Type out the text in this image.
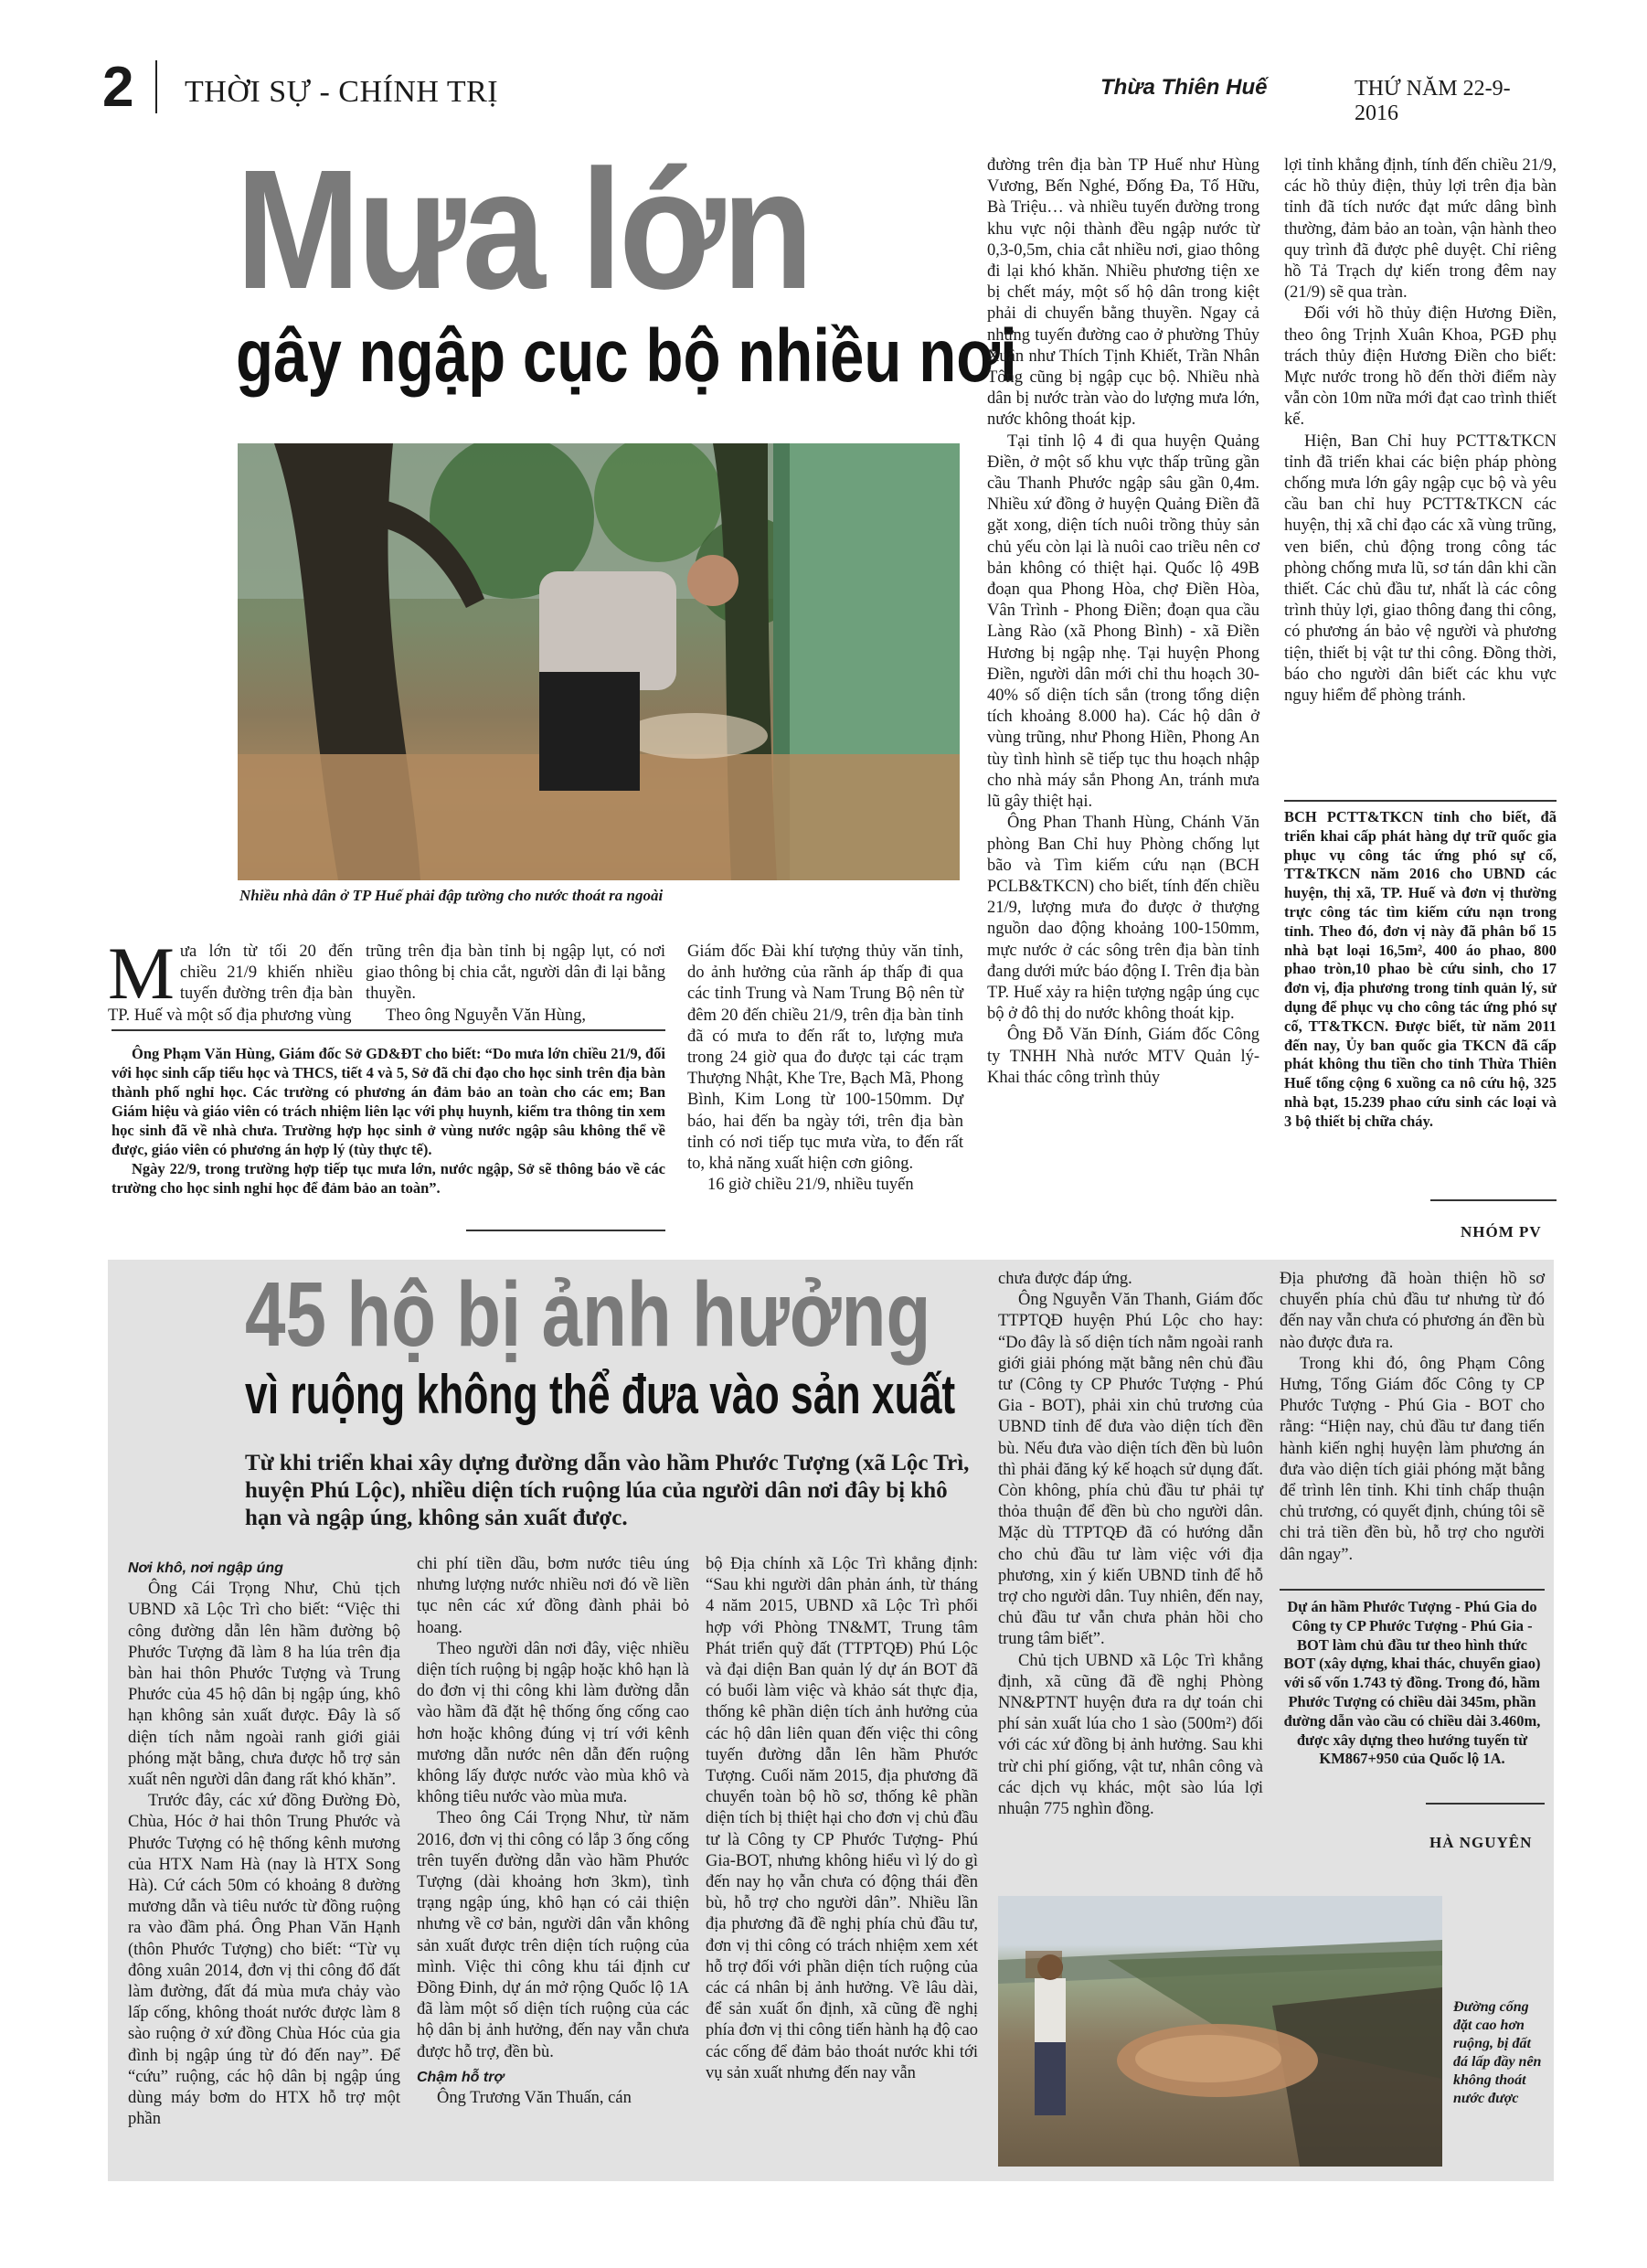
2 THỜI SỰ - CHÍNH TRỊ	Thừa Thiên Huế	THỨ NĂM 22-9-2016
Mưa lớn
gây ngập cục bộ nhiều nơi
Nhiều nhà dân ở TP Huế phải đập tường cho nước thoát ra ngoài
M ưa lớn từ tối 20 đến chiều 21/9 khiến nhiều tuyến đường trên địa bàn TP. Huế và một số địa phương vùng

trũng trên địa bàn tỉnh bị ngập lụt, có nơi giao thông bị chia cắt, người dân đi lại bằng thuyền.

Theo ông Nguyễn Văn Hùng,

Ông Phạm Văn Hùng, Giám đốc Sở GD&ĐT cho biết: “Do mưa lớn chiều 21/9, đối với học sinh cấp tiểu học và THCS, tiết 4 và 5, Sở đã chỉ đạo cho học sinh trên địa bàn thành phố nghỉ học. Các trường có phương án đảm bảo an toàn cho các em; Ban Giám hiệu và giáo viên có trách nhiệm liên lạc với phụ huynh, kiểm tra thông tin xem học sinh đã về nhà chưa. Trường hợp học sinh ở vùng nước ngập sâu không thể về được, giáo viên có phương án hợp lý (tùy thực tế).

Ngày 22/9, trong trường hợp tiếp tục mưa lớn, nước ngập, Sở sẽ thông báo về các trường cho học sinh nghỉ học để đảm bảo an toàn”.

Giám đốc Đài khí tượng thủy văn tỉnh, do ảnh hưởng của rãnh áp thấp đi qua các tỉnh Trung và Nam Trung Bộ nên từ đêm 20 đến chiều 21/9, trên địa bàn tỉnh đã có mưa to đến rất to, lượng mưa trong 24 giờ qua đo được tại các trạm Thượng Nhật, Khe Tre, Bạch Mã, Phong Bình, Kim Long từ 100-150mm. Dự báo, hai đến ba ngày tới, trên địa bàn tỉnh có nơi tiếp tục mưa vừa, to đến rất to, khả năng xuất hiện cơn giông.

16 giờ chiều 21/9, nhiều tuyến

đường trên địa bàn TP Huế như Hùng Vương, Bến Nghé, Đống Đa, Tố Hữu, Bà Triệu… và nhiều tuyến đường trong khu vực nội thành đều ngập nước từ 0,3-0,5m, chia cắt nhiều nơi, giao thông đi lại khó khăn. Nhiều phương tiện xe bị chết máy, một số hộ dân trong kiệt phải di chuyển bằng thuyền. Ngay cả những tuyến đường cao ở phường Thủy Xuân như Thích Tịnh Khiết, Trần Nhân Tông cũng bị ngập cục bộ. Nhiều nhà dân bị nước tràn vào do lượng mưa lớn, nước không thoát kịp.

Tại tỉnh lộ 4 đi qua huyện Quảng Điền, ở một số khu vực thấp trũng gần cầu Thanh Phước ngập sâu gần 0,4m. Nhiều xứ đồng ở huyện Quảng Điền đã gặt xong, diện tích nuôi trồng thủy sản chủ yếu còn lại là nuôi cao triều nên cơ bản không có thiệt hại. Quốc lộ 49B đoạn qua Phong Hòa, chợ Điền Hòa, Vân Trình - Phong Điền; đoạn qua cầu Làng Rào (xã Phong Bình) - xã Điền Hương bị ngập nhẹ. Tại huyện Phong Điền, người dân mới chỉ thu hoạch 30-40% số diện tích sắn (trong tổng diện tích khoảng 8.000 ha). Các hộ dân ở vùng trũng, như Phong Hiền, Phong An tùy tình hình sẽ tiếp tục thu hoạch nhập cho nhà máy sắn Phong An, tránh mưa lũ gây thiệt hại.

Ông Phan Thanh Hùng, Chánh Văn phòng Ban Chỉ huy Phòng chống lụt bão và Tìm kiếm cứu nạn (BCH PCLB&TKCN) cho biết, tính đến chiều 21/9, lượng mưa đo được ở thượng nguồn dao động khoảng 100-150mm, mực nước ở các sông trên địa bàn tỉnh đang dưới mức báo động I. Trên địa bàn TP. Huế xảy ra hiện tượng ngập úng cục bộ ở đô thị do nước không thoát kịp.

Ông Đỗ Văn Đính, Giám đốc Công ty TNHH Nhà nước MTV Quản lý- Khai thác công trình thủy

lợi tỉnh khẳng định, tính đến chiều 21/9, các hồ thủy điện, thủy lợi trên địa bàn tỉnh đã tích nước đạt mức dâng bình thường, đảm bảo an toàn, vận hành theo quy trình đã được phê duyệt. Chỉ riêng hồ Tả Trạch dự kiến trong đêm nay (21/9) sẽ qua tràn.

Đối với hồ thủy điện Hương Điền, theo ông Trịnh Xuân Khoa, PGĐ phụ trách thủy điện Hương Điền cho biết: Mực nước trong hồ đến thời điểm này vẫn còn 10m nữa mới đạt cao trình thiết kế.

Hiện, Ban Chỉ huy PCTT&TKCN tỉnh đã triển khai các biện pháp phòng chống mưa lớn gây ngập cục bộ và yêu cầu ban chỉ huy PCTT&TKCN các huyện, thị xã chỉ đạo các xã vùng trũng, ven biển, chủ động trong công tác phòng chống mưa lũ, sơ tán dân khi cần thiết. Các chủ đầu tư, nhất là các công trình thủy lợi, giao thông đang thi công, có phương án bảo vệ người và phương tiện, thiết bị vật tư thi công. Đồng thời, báo cho người dân biết các khu vực nguy hiểm để phòng tránh.

BCH PCTT&TKCN tỉnh cho biết, đã triển khai cấp phát hàng dự trữ quốc gia phục vụ công tác ứng phó sự cố, TT&TKCN năm 2016 cho UBND các huyện, thị xã, TP. Huế và đơn vị thường trực công tác tìm kiếm cứu nạn trong tỉnh. Theo đó, đơn vị này đã phân bổ 15 nhà bạt loại 16,5m², 400 áo phao, 800 phao tròn,10 phao bè cứu sinh, cho 17 đơn vị, địa phương trong tỉnh quản lý, sử dụng để phục vụ cho công tác ứng phó sự cố, TT&TKCN. Được biết, từ năm 2011 đến nay, Ủy ban quốc gia TKCN đã cấp phát không thu tiền cho tỉnh Thừa Thiên Huế tổng cộng 6 xuồng ca nô cứu hộ, 325 nhà bạt, 15.239 phao cứu sinh các loại và 3 bộ thiết bị chữa cháy.

NHÓM PV
45 hộ bị ảnh hưởng
vì ruộng không thể đưa vào sản xuất
Từ khi triển khai xây dựng đường dẫn vào hầm Phước Tượng (xã Lộc Trì, huyện Phú Lộc), nhiều diện tích ruộng lúa của người dân nơi đây bị khô hạn và ngập úng, không sản xuất được.

Nơi khô, nơi ngập úng

Ông Cái Trọng Như, Chủ tịch UBND xã Lộc Trì cho biết: “Việc thi công đường dẫn lên hầm đường bộ Phước Tượng đã làm 8 ha lúa trên địa bàn hai thôn Phước Tượng và Trung Phước của 45 hộ dân bị ngập úng, khô hạn không sản xuất được. Đây là số diện tích nằm ngoài ranh giới giải phóng mặt bằng, chưa được hỗ trợ sản xuất nên người dân đang rất khó khăn”.

Trước đây, các xứ đồng Đường Đò, Chùa, Hóc ở hai thôn Trung Phước và Phước Tượng có hệ thống kênh mương của HTX Nam Hà (nay là HTX Song Hà). Cứ cách 50m có khoảng 8 đường mương dẫn và tiêu nước từ đồng ruộng ra vào đầm phá. Ông Phan Văn Hạnh (thôn Phước Tượng) cho biết: “Từ vụ đông xuân 2014, đơn vị thi công đổ đất làm đường, đất đá mùa mưa chảy vào lấp cống, không thoát nước được làm 8 sào ruộng ở xứ đồng Chùa Hóc của gia đình bị ngập úng từ đó đến nay”. Để “cứu” ruộng, các hộ dân bị ngập úng dùng máy bơm do HTX hỗ trợ một phần

chi phí tiền dầu, bơm nước tiêu úng nhưng lượng nước nhiều nơi đó về liền tục nên các xứ đồng đành phải bỏ hoang.

Theo người dân nơi đây, việc nhiều diện tích ruộng bị ngập hoặc khô hạn là do đơn vị thi công khi làm đường dẫn vào hầm đã đặt hệ thống ống cống cao hơn hoặc không đúng vị trí với kênh mương dẫn nước nên dẫn đến ruộng không lấy được nước vào mùa khô và không tiêu nước vào mùa mưa.

Theo ông Cái Trọng Như, từ năm 2016, đơn vị thi công có lắp 3 ống cống trên tuyến đường dẫn vào hầm Phước Tượng (dài khoảng hơn 3km), tình trạng ngập úng, khô hạn có cải thiện nhưng về cơ bản, người dân vẫn không sản xuất được trên diện tích ruộng của mình. Việc thi công khu tái định cư Đồng Đinh, dự án mở rộng Quốc lộ 1A đã làm một số diện tích ruộng của các hộ dân bị ảnh hưởng, đến nay vẫn chưa được hỗ trợ, đền bù.

Chậm hỗ trợ

Ông Trương Văn Thuấn, cán

bộ Địa chính xã Lộc Trì khẳng định: “Sau khi người dân phản ánh, từ tháng 4 năm 2015, UBND xã Lộc Trì phối hợp với Phòng TN&MT, Trung tâm Phát triển quỹ đất (TTPTQĐ) Phú Lộc và đại diện Ban quản lý dự án BOT đã có buổi làm việc và khảo sát thực địa, thống kê phần diện tích ảnh hưởng của các hộ dân liên quan đến việc thi công tuyến đường dẫn lên hầm Phước Tượng. Cuối năm 2015, địa phương đã chuyển toàn bộ hồ sơ, thống kê phần diện tích bị thiệt hại cho đơn vị chủ đầu tư là Công ty CP Phước Tượng- Phú Gia-BOT, nhưng không hiểu vì lý do gì đến nay họ vẫn chưa có động thái đền bù, hỗ trợ cho người dân”. Nhiều lần địa phương đã đề nghị phía chủ đầu tư, đơn vị thi công có trách nhiệm xem xét hỗ trợ đối với phần diện tích ruộng của các cá nhân bị ảnh hưởng. Về lâu dài, để sản xuất ổn định, xã cũng đề nghị phía đơn vị thi công tiến hành hạ độ cao các cống để đảm bảo thoát nước khi tới vụ sản xuất nhưng đến nay vẫn

chưa được đáp ứng.

Ông Nguyễn Văn Thanh, Giám đốc TTPTQĐ huyện Phú Lộc cho hay: “Do đây là số diện tích nằm ngoài ranh giới giải phóng mặt bằng nên chủ đầu tư (Công ty CP Phước Tượng - Phú Gia - BOT), phải xin chủ trương của UBND tỉnh để đưa vào diện tích đền bù. Nếu đưa vào diện tích đền bù luôn thì phải đăng ký kế hoạch sử dụng đất. Còn không, phía chủ đầu tư phải tự thỏa thuận để đền bù cho người dân. Mặc dù TTPTQĐ đã có hướng dẫn cho chủ đầu tư làm việc với địa phương, xin ý kiến UBND tỉnh để hỗ trợ cho người dân. Tuy nhiên, đến nay, chủ đầu tư vẫn chưa phản hồi cho trung tâm biết”.

Chủ tịch UBND xã Lộc Trì khẳng định, xã cũng đã đề nghị Phòng NN&PTNT huyện đưa ra dự toán chi phí sản xuất lúa cho 1 sào (500m²) đối với các xứ đồng bị ảnh hưởng. Sau khi trừ chi phí giống, vật tư, nhân công và các dịch vụ khác, một sào lúa lợi nhuận 775 nghìn đồng.

Địa phương đã hoàn thiện hồ sơ chuyển phía chủ đầu tư nhưng từ đó đến nay vẫn chưa có phương án đền bù nào được đưa ra.

Trong khi đó, ông Phạm Công Hưng, Tổng Giám đốc Công ty CP Phước Tượng - Phú Gia - BOT cho rằng: “Hiện nay, chủ đầu tư đang tiến hành kiến nghị huyện làm phương án đưa vào diện tích giải phóng mặt bằng để trình lên tỉnh. Khi tỉnh chấp thuận chủ trương, có quyết định, chúng tôi sẽ chi trả tiền đền bù, hỗ trợ cho người dân ngay”.

Dự án hầm Phước Tượng - Phú Gia do Công ty CP Phước Tượng - Phú Gia - BOT làm chủ đầu tư theo hình thức BOT (xây dựng, khai thác, chuyển giao) với số vốn 1.743 tỷ đồng. Trong đó, hầm Phước Tượng có chiều dài 345m, phần đường dẫn vào cầu có chiều dài 3.460m, được xây dựng theo hướng tuyến từ KM867+950 của Quốc lộ 1A.

HÀ NGUYÊN
Đường cống đặt cao hơn ruộng, bị đất đá lấp đầy nên không thoát nước được
